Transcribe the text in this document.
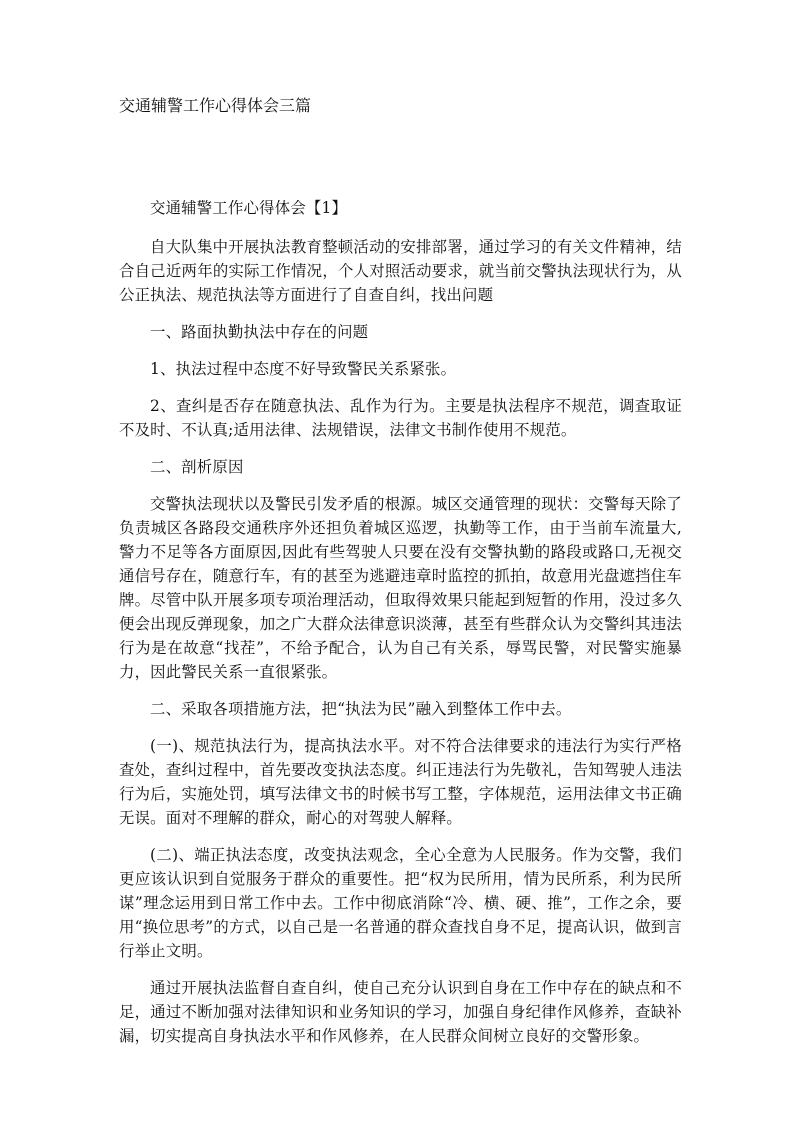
交通辅警工作心得体会三篇

交通辅警工作心得体会【1】

自大队集中开展执法教育整顿活动的安排部署，通过学习的有关文件精神，结合自己近两年的实际工作情况，个人对照活动要求，就当前交警执法现状行为，从公正执法、规范执法等方面进行了自查自纠，找出问题

一、路面执勤执法中存在的问题

1、执法过程中态度不好导致警民关系紧张。

2、查纠是否存在随意执法、乱作为行为。主要是执法程序不规范，调查取证不及时、不认真;适用法律、法规错误，法律文书制作使用不规范。

二、剖析原因

交警执法现状以及警民引发矛盾的根源。城区交通管理的现状：交警每天除了负责城区各路段交通秩序外还担负着城区巡逻，执勤等工作，由于当前车流量大,警力不足等各方面原因,因此有些驾驶人只要在没有交警执勤的路段或路口,无视交通信号存在，随意行车，有的甚至为逃避违章时监控的抓拍，故意用光盘遮挡住车牌。尽管中队开展多项专项治理活动，但取得效果只能起到短暂的作用，没过多久便会出现反弹现象，加之广大群众法律意识淡薄，甚至有些群众认为交警纠其违法行为是在故意“找茬”，不给予配合，认为自己有关系，辱骂民警，对民警实施暴力，因此警民关系一直很紧张。

二、采取各项措施方法，把“执法为民”融入到整体工作中去。

(一)、规范执法行为，提高执法水平。对不符合法律要求的违法行为实行严格查处，查纠过程中，首先要改变执法态度。纠正违法行为先敬礼，告知驾驶人违法行为后，实施处罚，填写法律文书的时候书写工整，字体规范，运用法律文书正确无误。面对不理解的群众，耐心的对驾驶人解释。

(二)、端正执法态度，改变执法观念，全心全意为人民服务。作为交警，我们更应该认识到自觉服务于群众的重要性。把“权为民所用，情为民所系，利为民所谋”理念运用到日常工作中去。工作中彻底消除“冷、横、硬、推”，工作之余，要用“换位思考”的方式，以自己是一名普通的群众查找自身不足，提高认识，做到言行举止文明。

通过开展执法监督自查自纠，使自己充分认识到自身在工作中存在的缺点和不足，通过不断加强对法律知识和业务知识的学习，加强自身纪律作风修养，查缺补漏，切实提高自身执法水平和作风修养，在人民群众间树立良好的交警形象。
